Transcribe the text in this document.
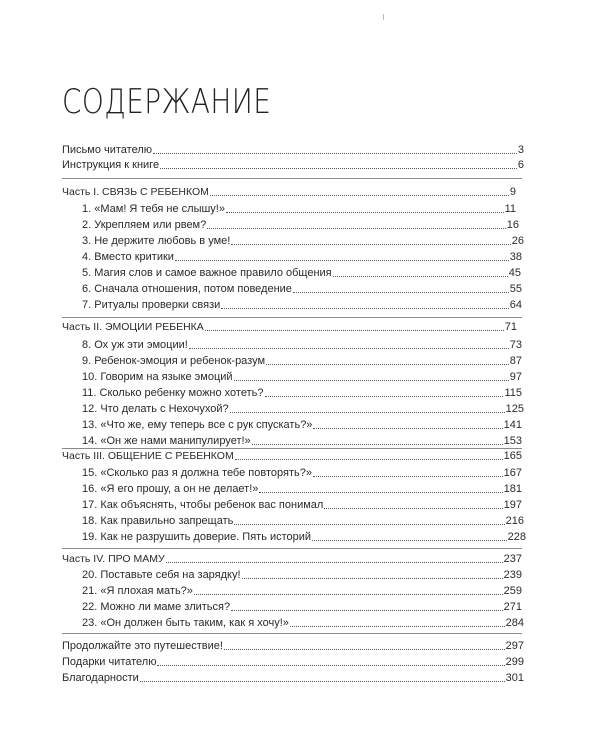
СОДЕРЖАНИЕ
Письмо читателю	3
Инструкция к книге	6
Часть I. СВЯЗЬ С РЕБЕНКОМ	9
1. «Мам! Я тебя не слышу!»	11
2. Укрепляем или рвем?	16
3. Не держите любовь в уме!	26
4. Вместо критики	38
5. Магия слов и самое важное правило общения	45
6. Сначала отношения, потом поведение	55
7. Ритуалы проверки связи	64
Часть II. ЭМОЦИИ РЕБЕНКА	71
8. Ох уж эти эмоции!	73
9. Ребенок-эмоция и ребенок-разум	87
10. Говорим на языке эмоций	97
11. Сколько ребенку можно хотеть?	115
12. Что делать с Нехочухой?	125
13. «Что же, ему теперь все с рук спускать?»	141
14. «Он же нами манипулирует!»	153
Часть III. ОБЩЕНИЕ С РЕБЕНКОМ	165
15. «Сколько раз я должна тебе повторять?»	167
16. «Я его прошу, а он не делает!»	181
17. Как объяснять, чтобы ребенок вас понимал	197
18. Как правильно запрещать	216
19. Как не разрушить доверие. Пять историй	228
Часть IV. ПРО МАМУ	237
20. Поставьте себя на зарядку!	239
21. «Я плохая мать?»	259
22. Можно ли маме злиться?	271
23. «Он должен быть таким, как я хочу!»	284
Продолжайте это путешествие!	297
Подарки читателю	299
Благодарности	301
